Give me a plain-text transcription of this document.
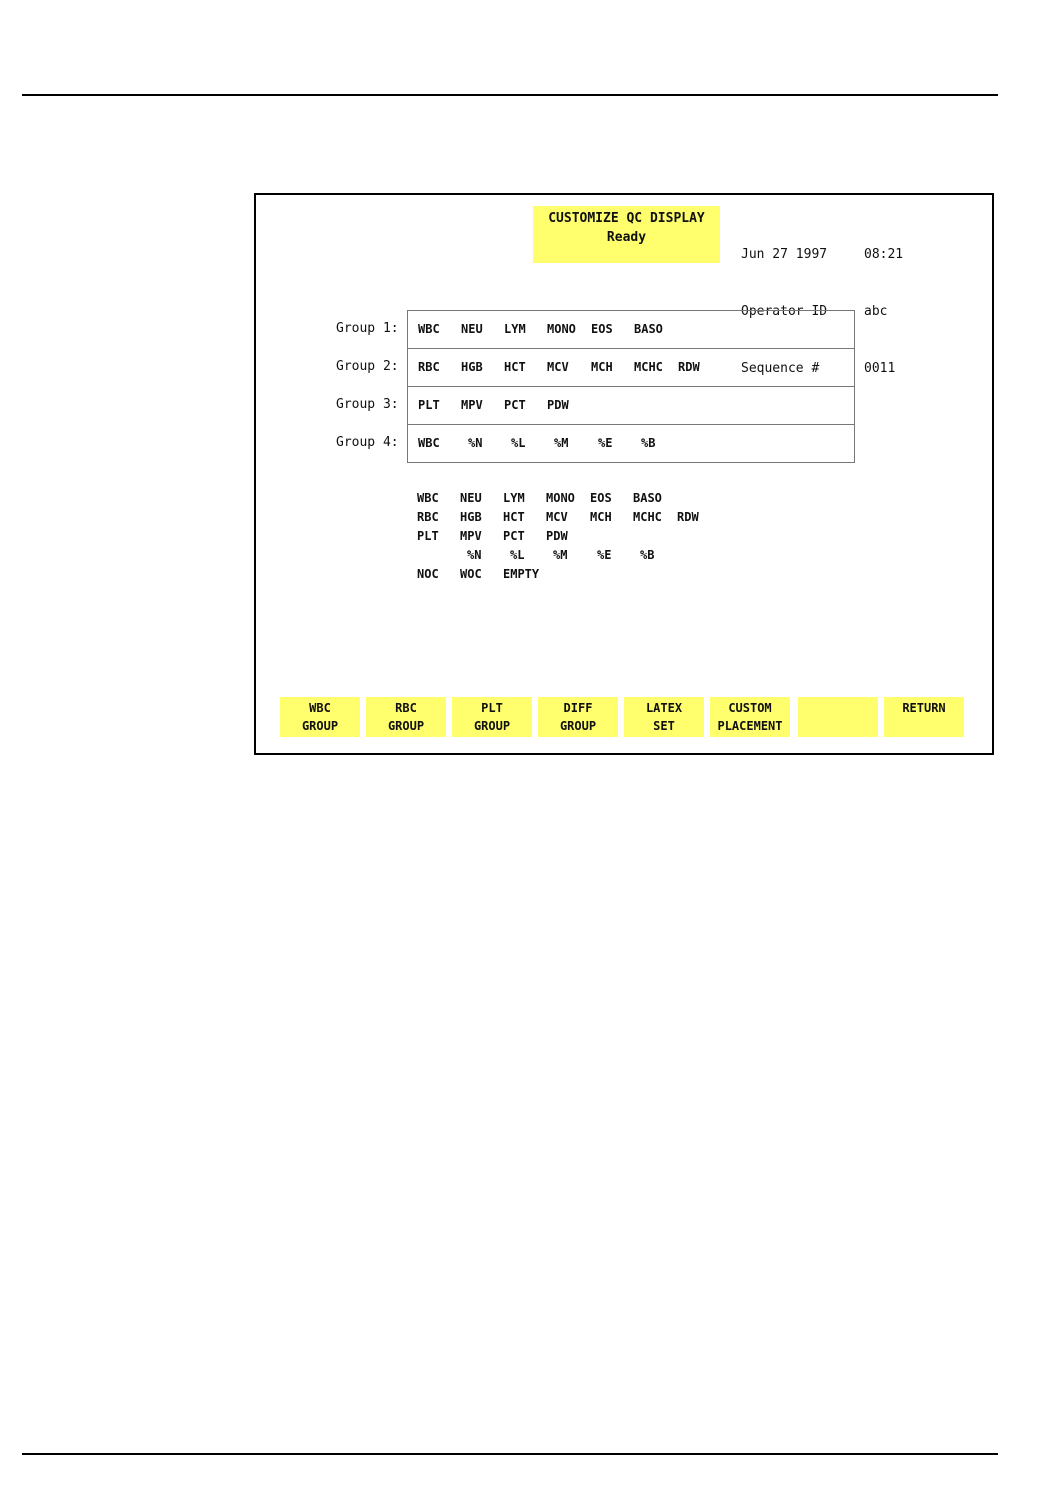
CUSTOMIZE QC DISPLAY
Ready

Jun 27 1997

Operator ID

Sequence #

08:21

abc

0011

Group 1:
Group 2:
Group 3:
Group 4:
WBC NEU LYM MONO EOS BASO
RBC HGB HCT MCV MCH MCHC RDW
PLT MPV PCT PDW
WBC %N %L %M %E %B
WBC NEU LYM MONO EOS BASO
RBC HGB HCT MCV MCH MCHC RDW
PLT MPV PCT PDW
%N %L %M %E %B
NOC WOC EMPTY
WBC
GROUP
RBC
GROUP
PLT
GROUP
DIFF
GROUP
LATEX
SET
CUSTOM
PLACEMENT
RETURN
